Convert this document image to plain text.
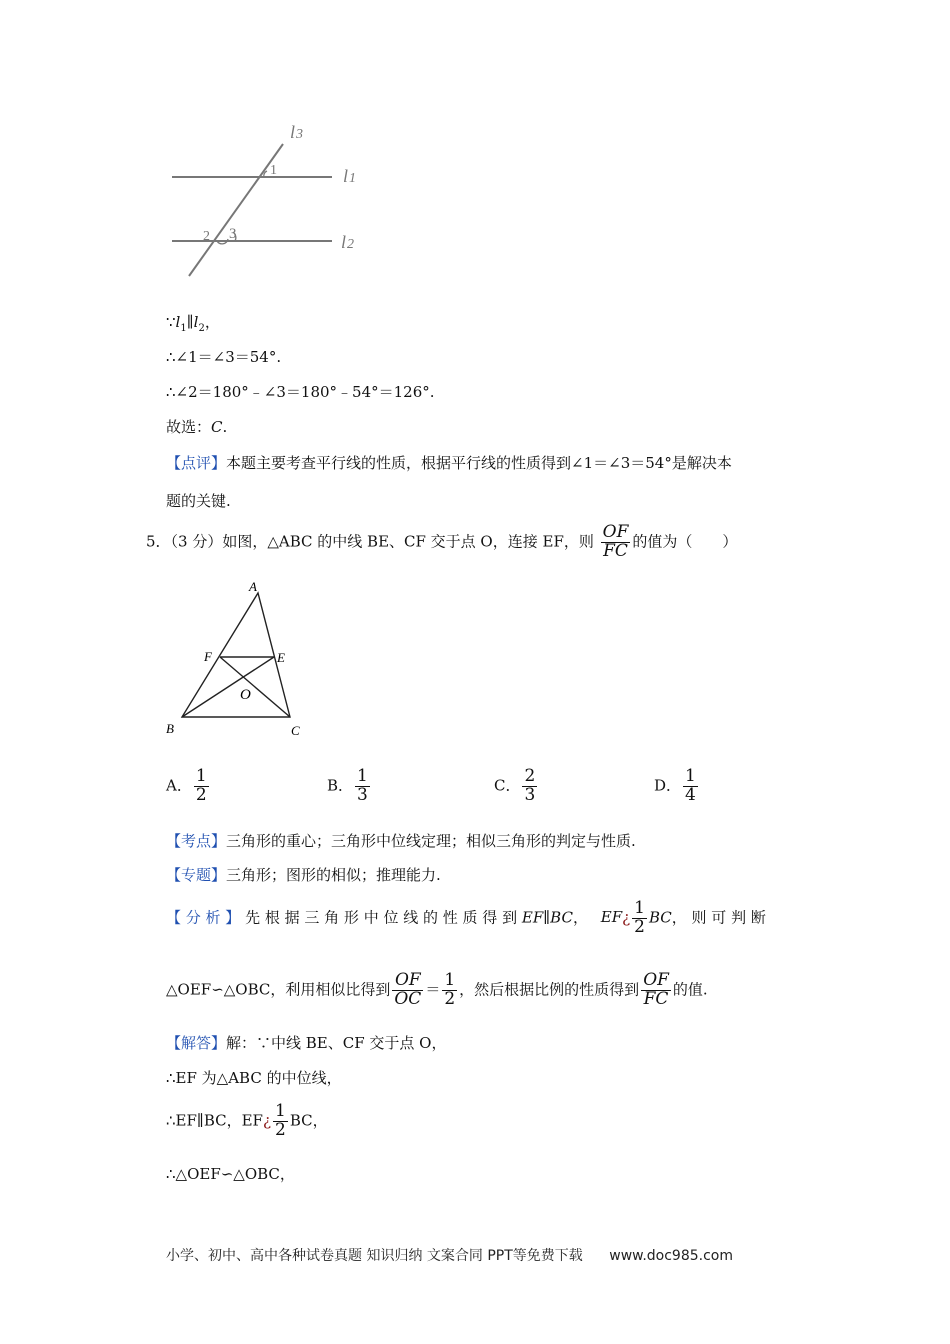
l3
l1
l2
1
2 3
$\because l_1\parallel l_2$，
∴∠1＝∠3＝54°.
∴∠2＝180°﹣∠3＝180°﹣54°＝126°.
故选：C.
【点评】本题主要考查平行线的性质，根据平行线的性质得到∠1＝∠3＝54°是解决本
题的关键.
5．（3 分）如图，△ABC 的中线 BE、CF 交于点 O，连接 EF，则 $\frac{OF}{FC}$ 的值为（　　）
A
B	C
E
F
O
A． $\frac{1}{2}$	B． $\frac{1}{3}$	C． $\frac{2}{3}$	D． $\frac{1}{4}$
【考点】三角形的重心；三角形中位线定理；相似三角形的判定与性质.
【专题】三角形；图形的相似；推理能力.
【 分 析 】 先 根 据 三 角 形 中 位 线 的 性 质 得 到 EF∥BC， EF¿ $\frac{1}{2}$ BC， 则 可 判 断
△OEF∽△OBC，利用相似比得到 $\frac{OF}{OC} = \frac{1}{2}$ ，然后根据比例的性质得到 $\frac{OF}{FC}$ 的值.
【解答】解：∵中线 BE、CF 交于点 O，
∴EF 为△ABC 的中位线，
∴EF∥BC，EF¿ $\frac{1}{2}$ BC，
∴△OEF∽△OBC，
小学、初中、高中各种试卷真题 知识归纳 文案合同 PPT等免费下载 www.doc985.com
